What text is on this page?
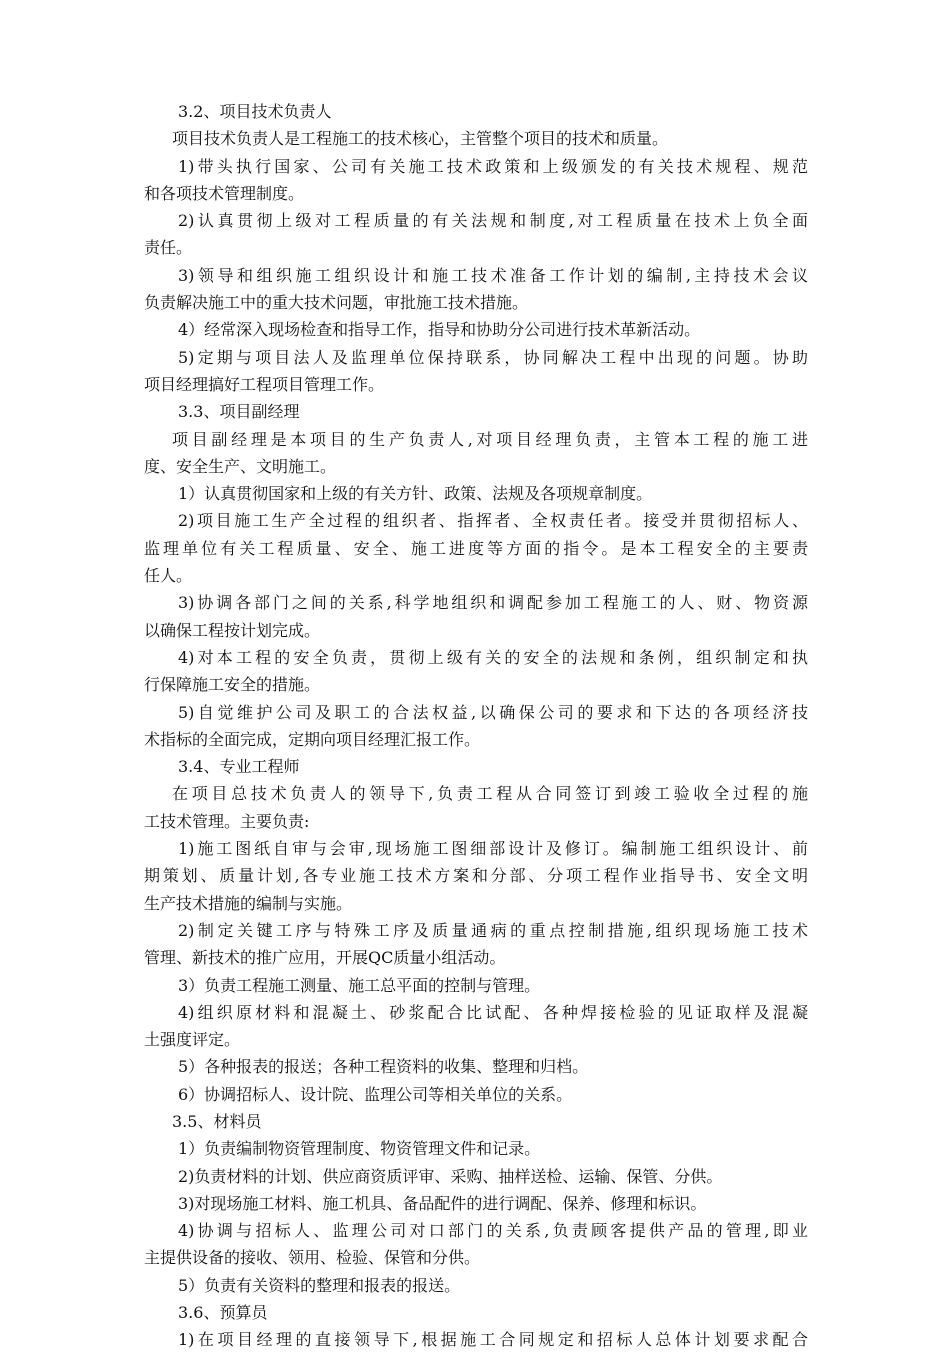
3.2、项目技术负责人
项目技术负责人是工程施工的技术核心，主管整个项目的技术和质量。
1)带头执行国家、公司有关施工技术政策和上级颁发的有关技术规程、规范
和各项技术管理制度。
2)认真贯彻上级对工程质量的有关法规和制度,对工程质量在技术上负全面
责任。
3)领导和组织施工组织设计和施工技术准备工作计划的编制,主持技术会议
负责解决施工中的重大技术问题，审批施工技术措施。
4）经常深入现场检查和指导工作，指导和协助分公司进行技术革新活动。
5)定期与项目法人及监理单位保持联系，协同解决工程中出现的问题。协助
项目经理搞好工程项目管理工作。
3.3、项目副经理
项目副经理是本项目的生产负责人,对项目经理负责，主管本工程的施工进
度、安全生产、文明施工。
1）认真贯彻国家和上级的有关方针、政策、法规及各项规章制度。
2)项目施工生产全过程的组织者、指挥者、全权责任者。接受并贯彻招标人、
监理单位有关工程质量、安全、施工进度等方面的指令。是本工程安全的主要责
任人。
3)协调各部门之间的关系,科学地组织和调配参加工程施工的人、财、物资源
以确保工程按计划完成。
4)对本工程的安全负责，贯彻上级有关的安全的法规和条例，组织制定和执
行保障施工安全的措施。
5)自觉维护公司及职工的合法权益,以确保公司的要求和下达的各项经济技
术指标的全面完成，定期向项目经理汇报工作。
3.4、专业工程师
在项目总技术负责人的领导下,负责工程从合同签订到竣工验收全过程的施
工技术管理。主要负责:
1)施工图纸自审与会审,现场施工图细部设计及修订。编制施工组织设计、前
期策划、质量计划,各专业施工技术方案和分部、分项工程作业指导书、安全文明
生产技术措施的编制与实施。
2)制定关键工序与特殊工序及质量通病的重点控制措施,组织现场施工技术
管理、新技术的推广应用，开展QC质量小组活动。
3）负责工程施工测量、施工总平面的控制与管理。
4)组织原材料和混凝土、砂浆配合比试配、各种焊接检验的见证取样及混凝
土强度评定。
5）各种报表的报送；各种工程资料的收集、整理和归档。
6）协调招标人、设计院、监理公司等相关单位的关系。
3.5、材料员
1）负责编制物资管理制度、物资管理文件和记录。
2)负责材料的计划、供应商资质评审、采购、抽样送检、运输、保管、分供。
3)对现场施工材料、施工机具、备品配件的进行调配、保养、修理和标识。
4)协调与招标人、监理公司对口部门的关系,负责顾客提供产品的管理,即业
主提供设备的接收、领用、检验、保管和分供。
5）负责有关资料的整理和报表的报送。
3.6、预算员
1)在项目经理的直接领导下,根据施工合同规定和招标人总体计划要求配合
